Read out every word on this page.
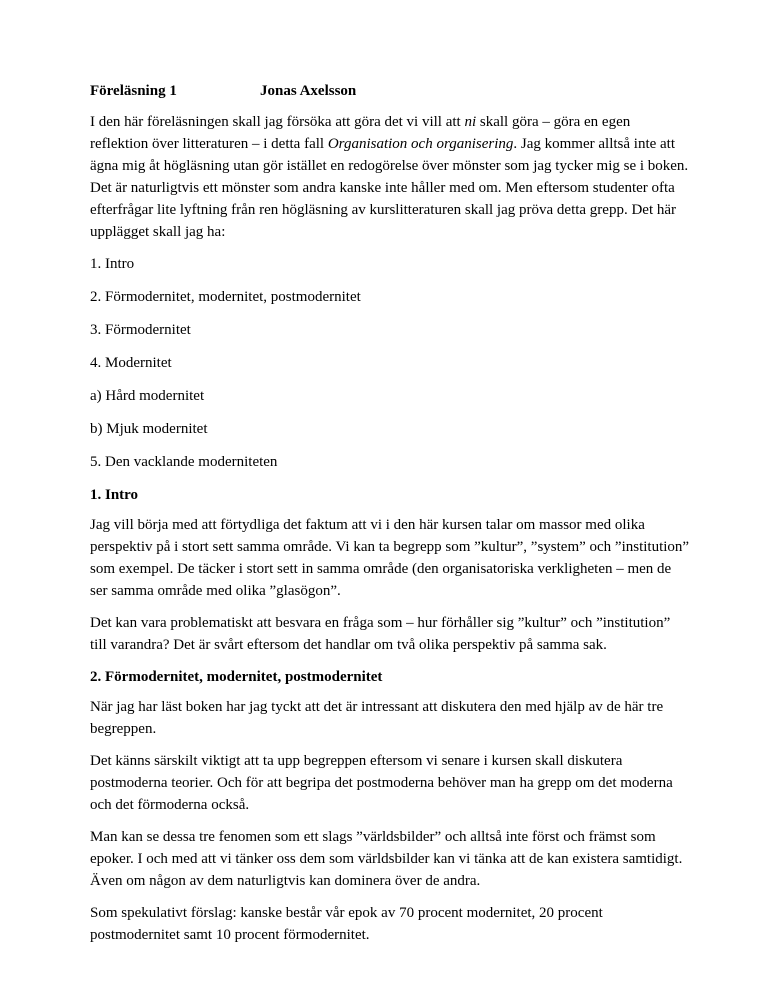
Föreläsning 1	Jonas Axelsson

I den här föreläsningen skall jag försöka att göra det vi vill att ni skall göra – göra en egen reflektion över litteraturen – i detta fall Organisation och organisering. Jag kommer alltså inte att ägna mig åt högläsning utan gör istället en redogörelse över mönster som jag tycker mig se i boken. Det är naturligtvis ett mönster som andra kanske inte håller med om. Men eftersom studenter ofta efterfrågar lite lyftning från ren högläsning av kurslitteraturen skall jag pröva detta grepp. Det här upplägget skall jag ha:

1. Intro
2. Förmodernitet, modernitet, postmodernitet
3. Förmodernitet
4. Modernitet
a) Hård modernitet
b) Mjuk modernitet
5. Den vacklande moderniteten
1. Intro

Jag vill börja med att förtydliga det faktum att vi i den här kursen talar om massor med olika perspektiv på i stort sett samma område. Vi kan ta begrepp som ”kultur”, ”system” och ”institution” som exempel. De täcker i stort sett in samma område (den organisatoriska verkligheten – men de ser samma område med olika ”glasögon”.

Det kan vara problematiskt att besvara en fråga som – hur förhåller sig ”kultur” och ”institution” till varandra? Det är svårt eftersom det handlar om två olika perspektiv på samma sak.

2. Förmodernitet, modernitet, postmodernitet

När jag har läst boken har jag tyckt att det är intressant att diskutera den med hjälp av de här tre begreppen.

Det känns särskilt viktigt att ta upp begreppen eftersom vi senare i kursen skall diskutera postmoderna teorier. Och för att begripa det postmoderna behöver man ha grepp om det moderna och det förmoderna också.

Man kan se dessa tre fenomen som ett slags ”världsbilder” och alltså inte först och främst som epoker. I och med att vi tänker oss dem som världsbilder kan vi tänka att de kan existera samtidigt. Även om någon av dem naturligtvis kan dominera över de andra.

Som spekulativt förslag: kanske består vår epok av 70 procent modernitet, 20 procent postmodernitet samt 10 procent förmodernitet.
